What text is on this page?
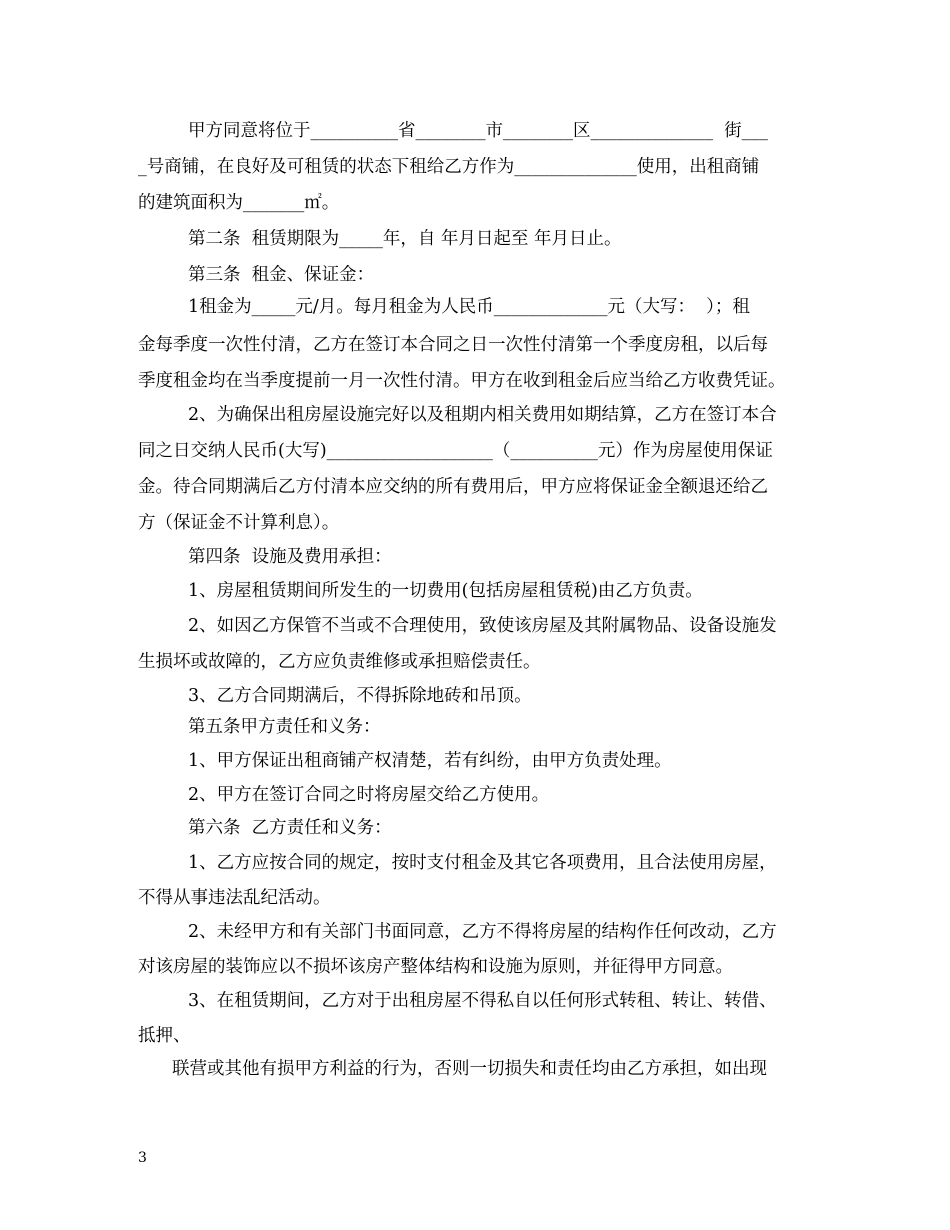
甲方同意将位于__________省________市________区______________  街___
_号商铺，在良好及可租赁的状态下租给乙方作为______________使用，出租商铺
的建筑面积为_______㎡。
第二条  租赁期限为_____年，自 年月日起至 年月日止。
第三条  租金、保证金：
1租金为_____元/月。每月租金为人民币_____________元（大写：  ）；租
金每季度一次性付清，乙方在签订本合同之日一次性付清第一个季度房租，以后每
季度租金均在当季度提前一月一次性付清。甲方在收到租金后应当给乙方收费凭证。
2、为确保出租房屋设施完好以及租期内相关费用如期结算，乙方在签订本合
同之日交纳人民币(大写)___________________（__________元）作为房屋使用保证
金。待合同期满后乙方付清本应交纳的所有费用后，甲方应将保证金全额退还给乙
方（保证金不计算利息）。
第四条  设施及费用承担：
1、房屋租赁期间所发生的一切费用(包括房屋租赁税)由乙方负责。
2、如因乙方保管不当或不合理使用，致使该房屋及其附属物品、设备设施发
生损坏或故障的，乙方应负责维修或承担赔偿责任。
3、乙方合同期满后，不得拆除地砖和吊顶。
第五条甲方责任和义务：
1、甲方保证出租商铺产权清楚，若有纠纷，由甲方负责处理。
2、甲方在签订合同之时将房屋交给乙方使用。
第六条  乙方责任和义务：
1、乙方应按合同的规定，按时支付租金及其它各项费用，且合法使用房屋，
不得从事违法乱纪活动。
2、未经甲方和有关部门书面同意，乙方不得将房屋的结构作任何改动，乙方
对该房屋的装饰应以不损坏该房产整体结构和设施为原则，并征得甲方同意。
3、在租赁期间，乙方对于出租房屋不得私自以任何形式转租、转让、转借、
抵押、
联营或其他有损甲方利益的行为，否则一切损失和责任均由乙方承担，如出现
3
